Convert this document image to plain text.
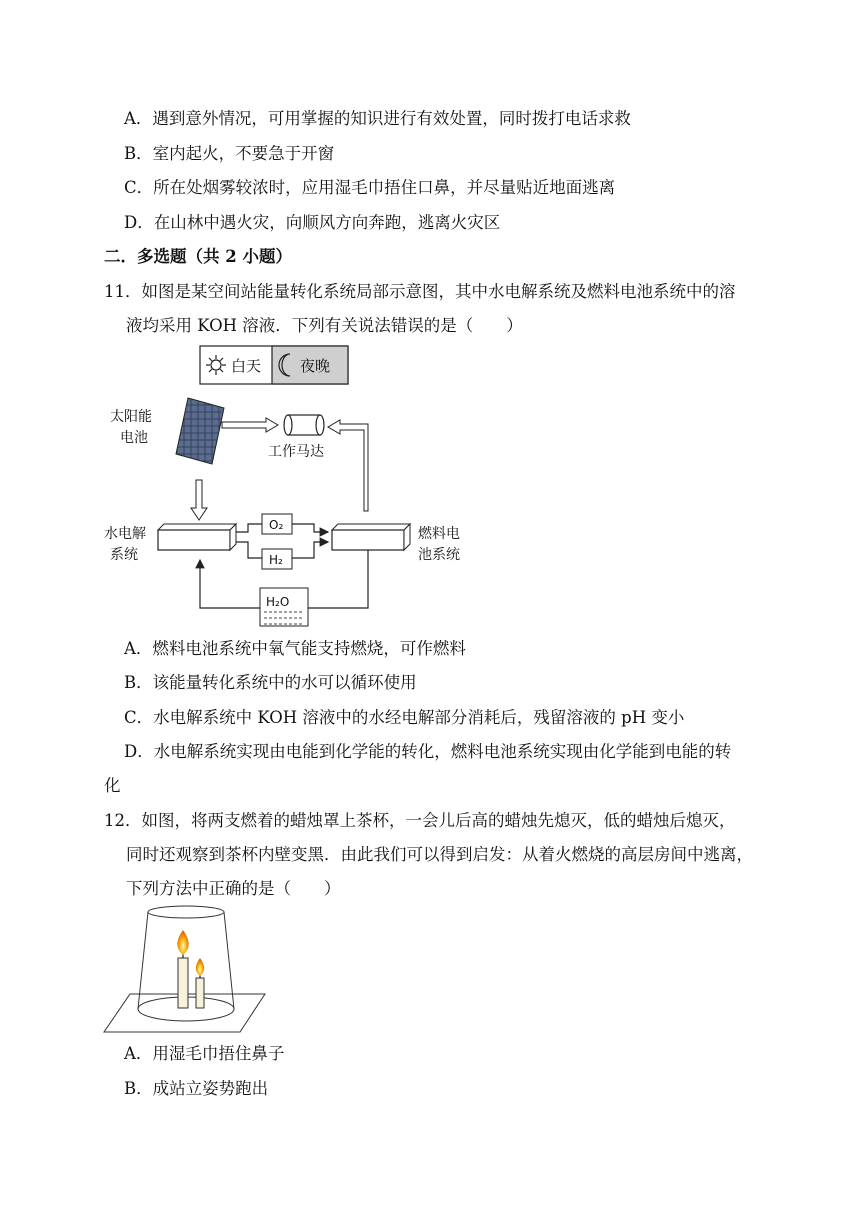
A．遇到意外情况，可用掌握的知识进行有效处置，同时拨打电话求救
B．室内起火，不要急于开窗
C．所在处烟雾较浓时，应用湿毛巾捂住口鼻，并尽量贴近地面逃离
D．在山林中遇火灾，向顺风方向奔跑，逃离火灾区
二．多选题（共 2 小题）
11．如图是某空间站能量转化系统局部示意图，其中水电解系统及燃料电池系统中的溶
液均采用 KOH 溶液．下列有关说法错误的是（　　）
白天	夜晚
太阳能
电池
工作马达
水电解
系统
燃料电
池系统
O₂
H₂
H₂O
A．燃料电池系统中氧气能支持燃烧，可作燃料
B．该能量转化系统中的水可以循环使用
C．水电解系统中 KOH 溶液中的水经电解部分消耗后，残留溶液的 pH 变小
D．水电解系统实现由电能到化学能的转化，燃料电池系统实现由化学能到电能的转
化
12．如图，将两支燃着的蜡烛罩上茶杯，一会儿后高的蜡烛先熄灭，低的蜡烛后熄灭，
同时还观察到茶杯内壁变黑．由此我们可以得到启发：从着火燃烧的高层房间中逃离，
下列方法中正确的是（　　）
A．用湿毛巾捂住鼻子
B．成站立姿势跑出
